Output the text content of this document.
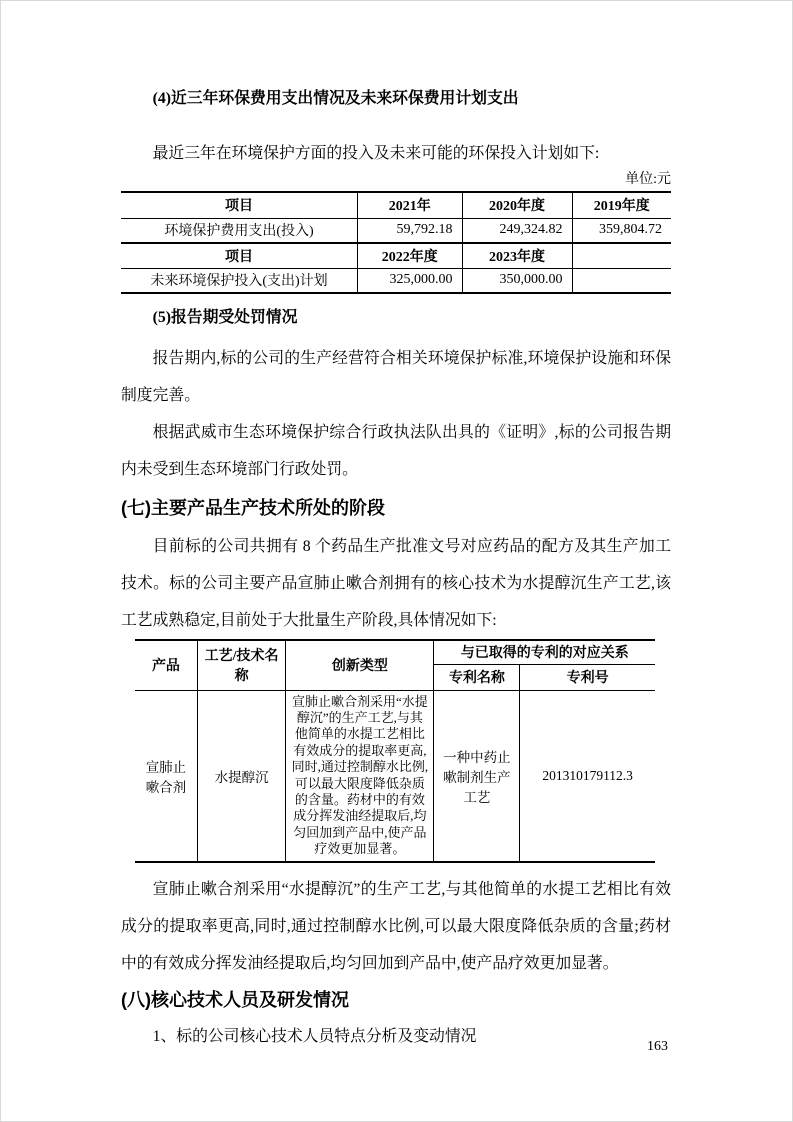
(4)近三年环保费用支出情况及未来环保费用计划支出

最近三年在环境保护方面的投入及未来可能的环保投入计划如下:

单位:元
项目	2021年	2020年度	2019年度
环境保护费用支出(投入)	59,792.18	249,324.82	359,804.72
项目	2022年度	2023年度	
未来环境保护投入(支出)计划	325,000.00	350,000.00	
(5)报告期受处罚情况

报告期内,标的公司的生产经营符合相关环境保护标准,环境保护设施和环保制度完善。

根据武威市生态环境保护综合行政执法队出具的《证明》,标的公司报告期内未受到生态环境部门行政处罚。

(七)主要产品生产技术所处的阶段

目前标的公司共拥有 8 个药品生产批准文号对应药品的配方及其生产加工技术。标的公司主要产品宣肺止嗽合剂拥有的核心技术为水提醇沉生产工艺,该工艺成熟稳定,目前处于大批量生产阶段,具体情况如下:

产品	工艺/技术名称	创新类型	与已取得的专利的对应关系	
			专利名称	专利号
宣肺止嗽合剂	水提醇沉	宣肺止嗽合剂采用“水提醇沉”的生产工艺,与其他简单的水提工艺相比有效成分的提取率更高,同时,通过控制醇水比例,可以最大限度降低杂质的含量。药材中的有效成分挥发油经提取后,均匀回加到产品中,使产品疗效更加显著。	一种中药止嗽制剂生产工艺	201310179112.3

宣肺止嗽合剂采用“水提醇沉”的生产工艺,与其他简单的水提工艺相比有效成分的提取率更高,同时,通过控制醇水比例,可以最大限度降低杂质的含量;药材中的有效成分挥发油经提取后,均匀回加到产品中,使产品疗效更加显著。

(八)核心技术人员及研发情况

1、标的公司核心技术人员特点分析及变动情况

163
